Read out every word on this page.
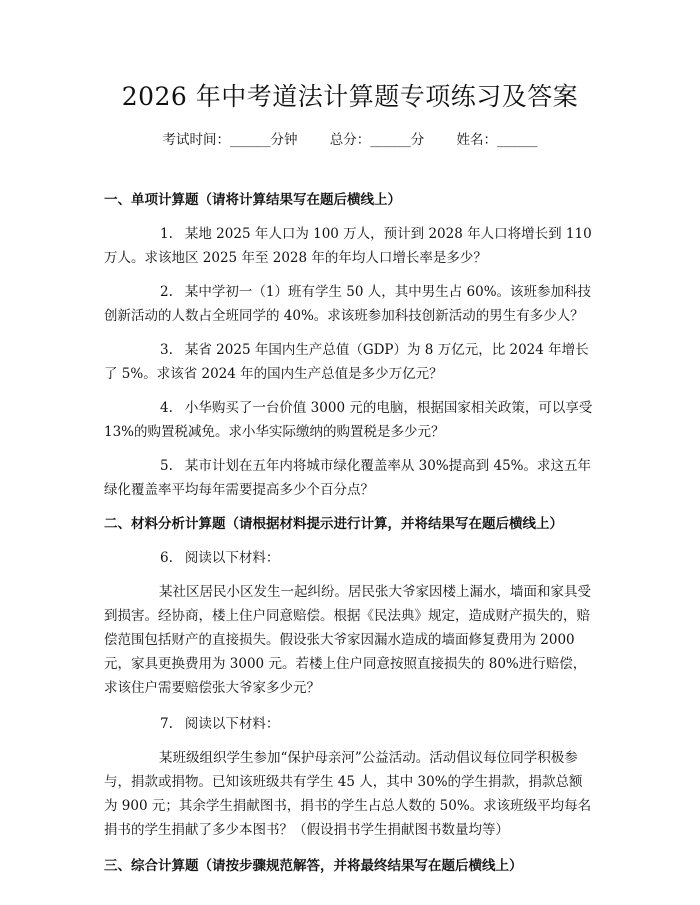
2026 年中考道法计算题专项练习及答案
考试时间：______分钟 总分：______分 姓名：______
一、单项计算题（请将计算结果写在题后横线上）
1. 某地 2025 年人口为 100 万人，预计到 2028 年人口将增长到 110 万人。求该地区 2025 年至 2028 年的年均人口增长率是多少？
2. 某中学初一（1）班有学生 50 人，其中男生占 60%。该班参加科技创新活动的人数占全班同学的 40%。求该班参加科技创新活动的男生有多少人？
3. 某省 2025 年国内生产总值（GDP）为 8 万亿元，比 2024 年增长了 5%。求该省 2024 年的国内生产总值是多少万亿元？
4. 小华购买了一台价值 3000 元的电脑，根据国家相关政策，可以享受 13%的购置税减免。求小华实际缴纳的购置税是多少元？
5. 某市计划在五年内将城市绿化覆盖率从 30%提高到 45%。求这五年绿化覆盖率平均每年需要提高多少个百分点？
二、材料分析计算题（请根据材料提示进行计算，并将结果写在题后横线上）
6. 阅读以下材料：
某社区居民小区发生一起纠纷。居民张大爷家因楼上漏水，墙面和家具受到损害。经协商，楼上住户同意赔偿。根据《民法典》规定，造成财产损失的，赔偿范围包括财产的直接损失。假设张大爷家因漏水造成的墙面修复费用为 2000 元，家具更换费用为 3000 元。若楼上住户同意按照直接损失的 80%进行赔偿，求该住户需要赔偿张大爷家多少元？
7. 阅读以下材料：
某班级组织学生参加“保护母亲河”公益活动。活动倡议每位同学积极参与，捐款或捐物。已知该班级共有学生 45 人，其中 30%的学生捐款，捐款总额为 900 元；其余学生捐献图书，捐书的学生占总人数的 50%。求该班级平均每名捐书的学生捐献了多少本图书？（假设捐书学生捐献图书数量均等）
三、综合计算题（请按步骤规范解答，并将最终结果写在题后横线上）
